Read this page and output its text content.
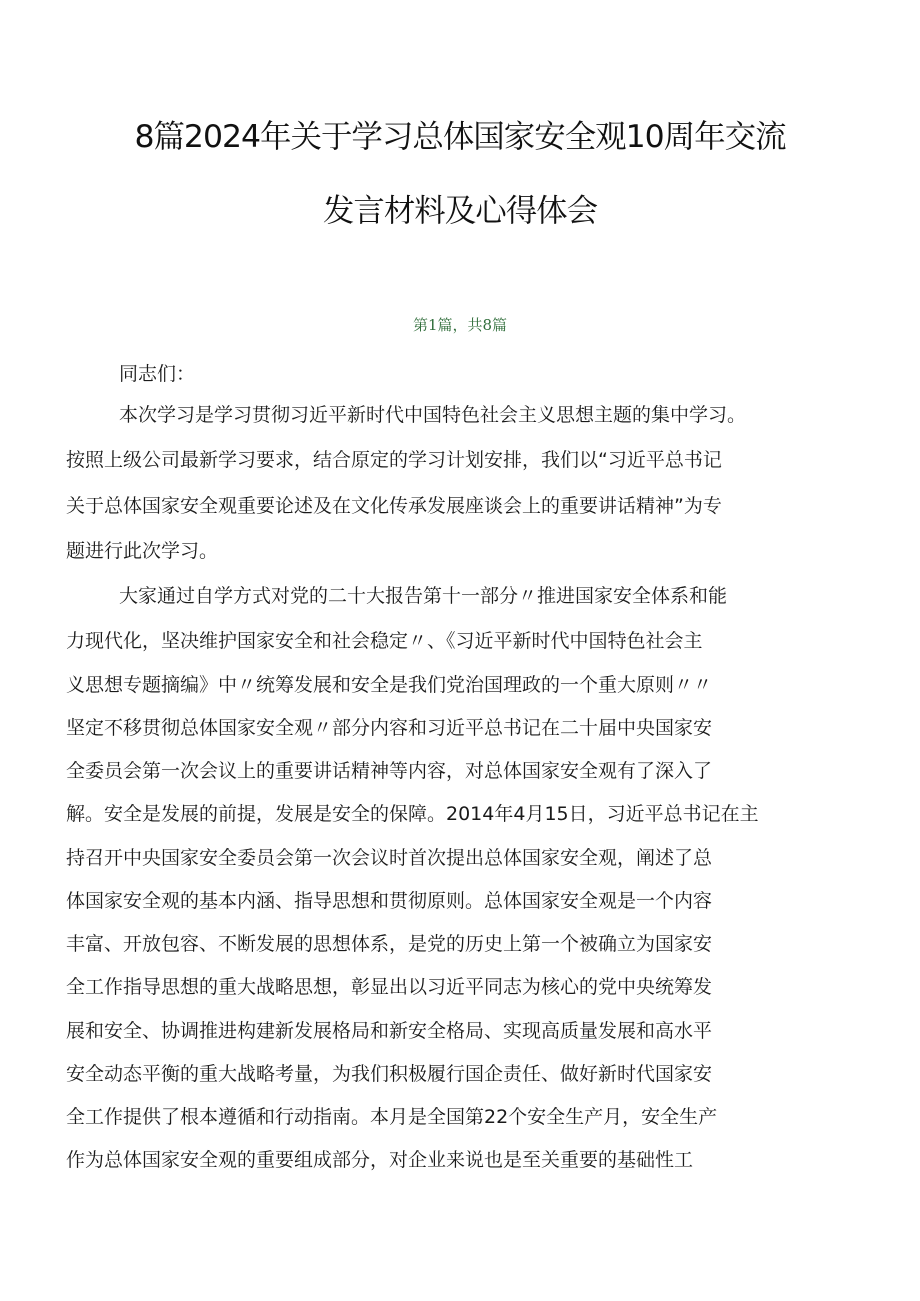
8篇2024年关于学习总体国家安全观10周年交流
发言材料及心得体会
第1篇，共8篇
同志们：
本次学习是学习贯彻习近平新时代中国特色社会主义思想主题的集中学习。
按照上级公司最新学习要求，结合原定的学习计划安排，我们以“习近平总书记
关于总体国家安全观重要论述及在文化传承发展座谈会上的重要讲话精神”为专
题进行此次学习。
大家通过自学方式对党的二十大报告第十一部分〃推进国家安全体系和能
力现代化，坚决维护国家安全和社会稳定〃、《习近平新时代中国特色社会主
义思想专题摘编》中〃统筹发展和安全是我们党治国理政的一个重大原则〃〃
坚定不移贯彻总体国家安全观〃部分内容和习近平总书记在二十届中央国家安
全委员会第一次会议上的重要讲话精神等内容，对总体国家安全观有了深入了
解。安全是发展的前提，发展是安全的保障。2014年4月15日，习近平总书记在主
持召开中央国家安全委员会第一次会议时首次提出总体国家安全观，阐述了总
体国家安全观的基本内涵、指导思想和贯彻原则。总体国家安全观是一个内容
丰富、开放包容、不断发展的思想体系，是党的历史上第一个被确立为国家安
全工作指导思想的重大战略思想，彰显出以习近平同志为核心的党中央统筹发
展和安全、协调推进构建新发展格局和新安全格局、实现高质量发展和高水平
安全动态平衡的重大战略考量，为我们积极履行国企责任、做好新时代国家安
全工作提供了根本遵循和行动指南。本月是全国第22个安全生产月，安全生产
作为总体国家安全观的重要组成部分，对企业来说也是至关重要的基础性工
